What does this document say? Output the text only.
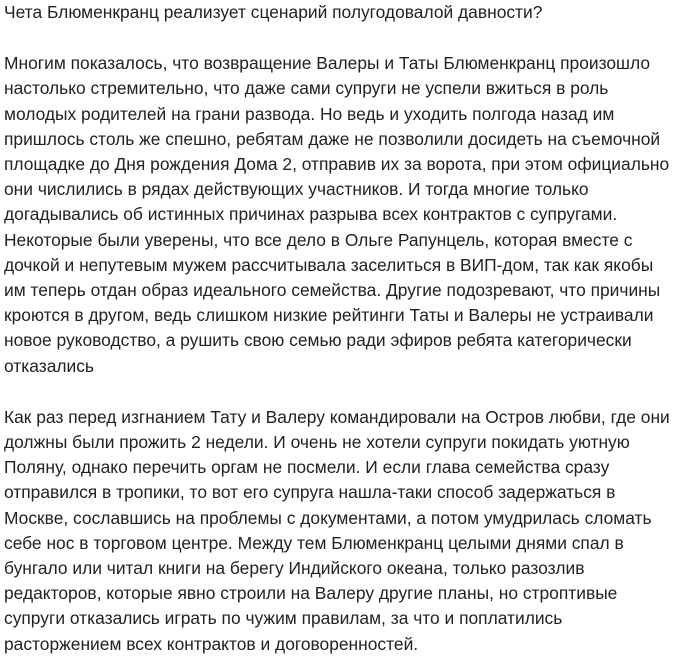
Чета Блюменкранц реализует сценарий полугодовалой давности?

Многим показалось, что возвращение Валеры и Таты Блюменкранц произошло
настолько стремительно, что даже сами супруги не успели вжиться в роль
молодых родителей на грани развода. Но ведь и уходить полгода назад им
пришлось столь же спешно, ребятам даже не позволили досидеть на съемочной
площадке до Дня рождения Дома 2, отправив их за ворота, при этом официально
они числились в рядах действующих участников. И тогда многие только
догадывались об истинных причинах разрыва всех контрактов с супругами.
Некоторые были уверены, что все дело в Ольге Рапунцель, которая вместе с
дочкой и непутевым мужем рассчитывала заселиться в ВИП-дом, так как якобы
им теперь отдан образ идеального семейства. Другие подозревают, что причины
кроются в другом, ведь слишком низкие рейтинги Таты и Валеры не устраивали
новое руководство, а рушить свою семью ради эфиров ребята категорически
отказались

Как раз перед изгнанием Тату и Валеру командировали на Остров любви, где они
должны были прожить 2 недели. И очень не хотели супруги покидать уютную
Поляну, однако перечить оргам не посмели. И если глава семейства сразу
отправился в тропики, то вот его супруга нашла-таки способ задержаться в
Москве, сославшись на проблемы с документами, а потом умудрилась сломать
себе нос в торговом центре. Между тем Блюменкранц целыми днями спал в
бунгало или читал книги на берегу Индийского океана, только разозлив
редакторов, которые явно строили на Валеру другие планы, но строптивые
супруги отказались играть по чужим правилам, за что и поплатились
расторжением всех контрактов и договоренностей.
